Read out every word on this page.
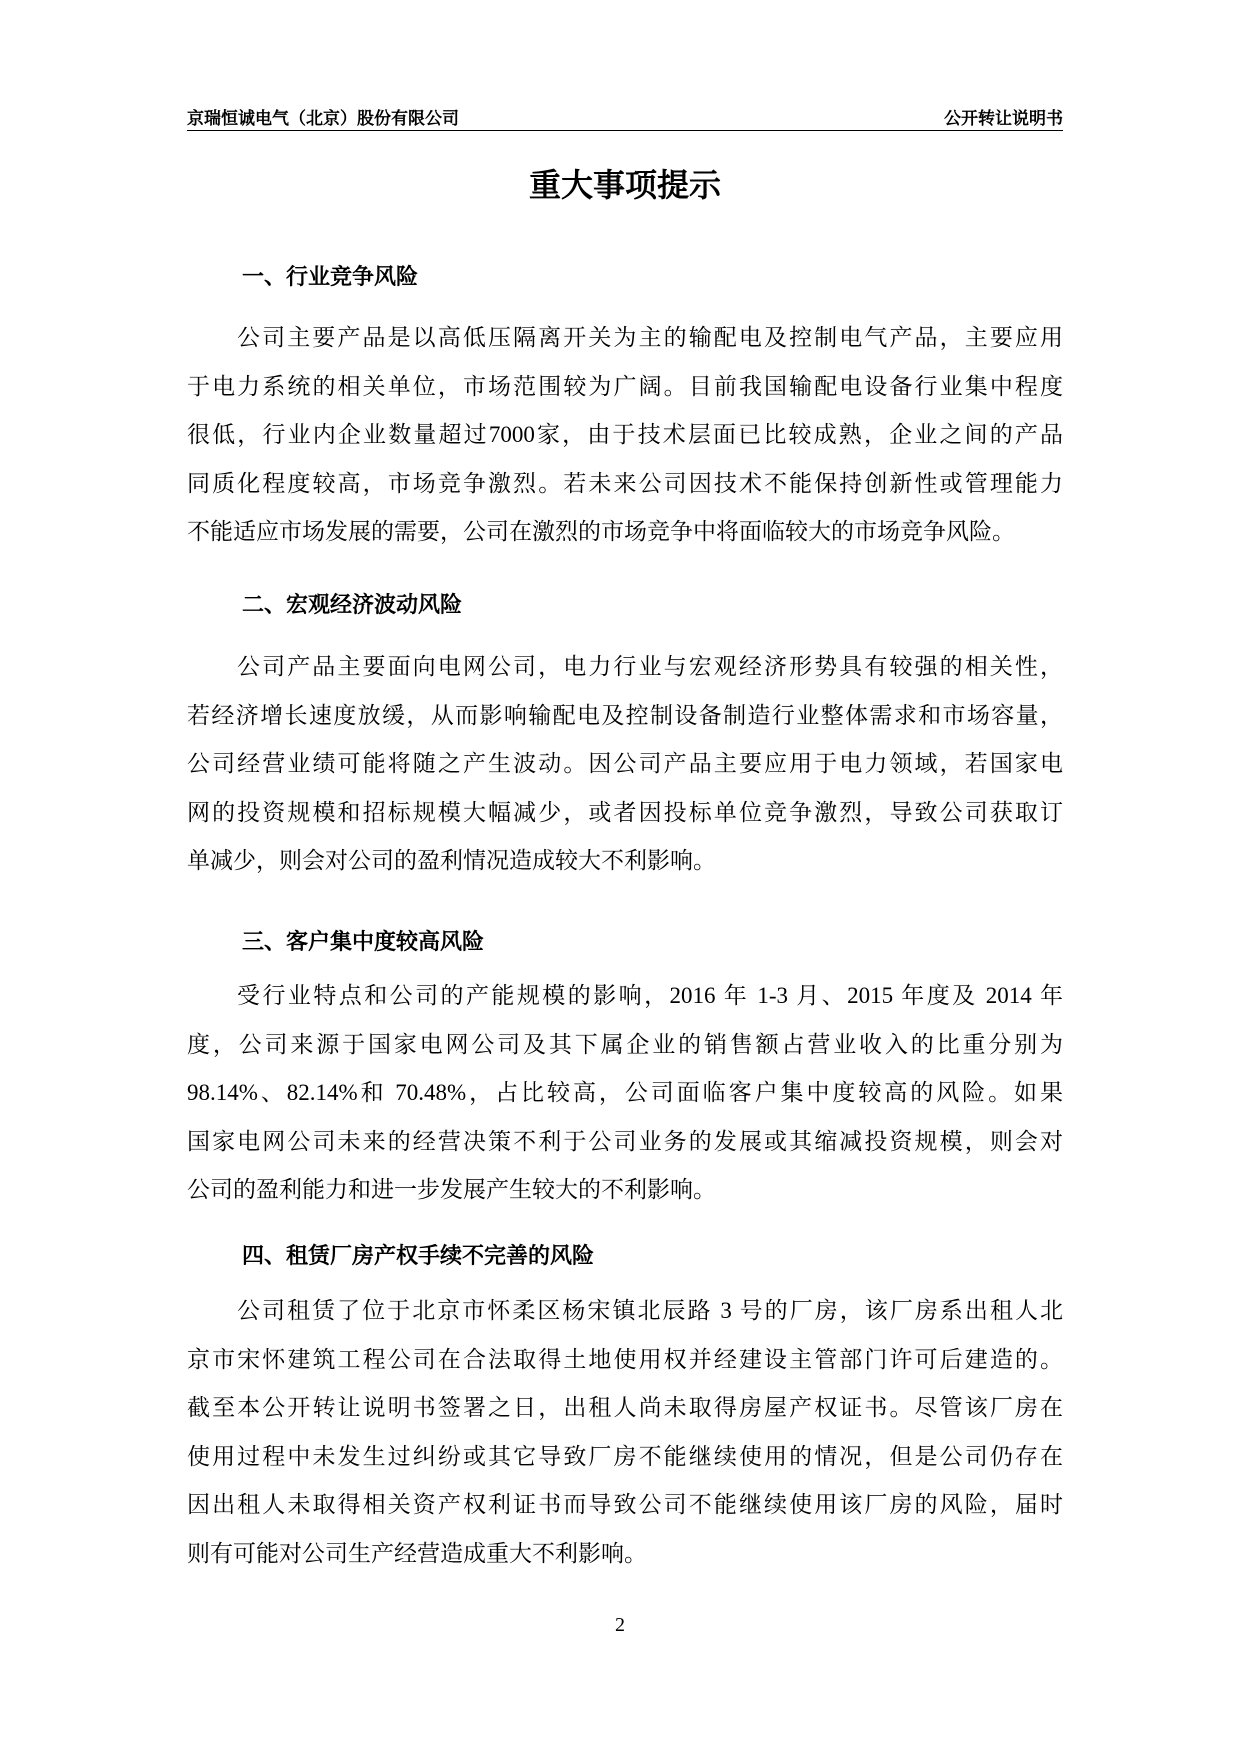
京瑞恒诚电气（北京）股份有限公司	公开转让说明书
重大事项提示
一、行业竞争风险
公司主要产品是以高低压隔离开关为主的输配电及控制电气产品，主要应用
于电力系统的相关单位，市场范围较为广阔。目前我国输配电设备行业集中程度
很低，行业内企业数量超过7000家，由于技术层面已比较成熟，企业之间的产品
同质化程度较高，市场竞争激烈。若未来公司因技术不能保持创新性或管理能力
不能适应市场发展的需要，公司在激烈的市场竞争中将面临较大的市场竞争风险。
二、宏观经济波动风险
公司产品主要面向电网公司，电力行业与宏观经济形势具有较强的相关性，
若经济增长速度放缓，从而影响输配电及控制设备制造行业整体需求和市场容量，
公司经营业绩可能将随之产生波动。因公司产品主要应用于电力领域，若国家电
网的投资规模和招标规模大幅减少，或者因投标单位竞争激烈，导致公司获取订
单减少，则会对公司的盈利情况造成较大不利影响。
三、客户集中度较高风险
受行业特点和公司的产能规模的影响，2016 年 1-3 月、2015 年度及 2014 年
度，公司来源于国家电网公司及其下属企业的销售额占营业收入的比重分别为
98.14%、82.14%和 70.48%，占比较高，公司面临客户集中度较高的风险。如果
国家电网公司未来的经营决策不利于公司业务的发展或其缩减投资规模，则会对
公司的盈利能力和进一步发展产生较大的不利影响。
四、租赁厂房产权手续不完善的风险
公司租赁了位于北京市怀柔区杨宋镇北辰路 3 号的厂房，该厂房系出租人北
京市宋怀建筑工程公司在合法取得土地使用权并经建设主管部门许可后建造的。
截至本公开转让说明书签署之日，出租人尚未取得房屋产权证书。尽管该厂房在
使用过程中未发生过纠纷或其它导致厂房不能继续使用的情况，但是公司仍存在
因出租人未取得相关资产权利证书而导致公司不能继续使用该厂房的风险，届时
则有可能对公司生产经营造成重大不利影响。
2
